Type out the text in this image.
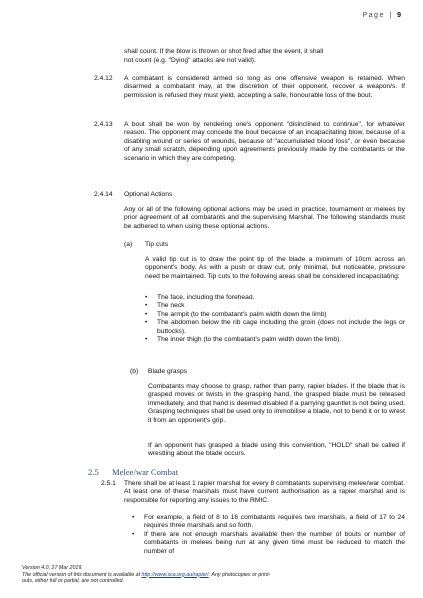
Page | 9
shall count. If the blow is thrown or shot fired after the event, it shall
not count (e.g. "Dying" attacks are not valid).
2.4.12 A combatant is considered armed so long as one offensive weapon is retained. When disarmed a combatant may, at the discretion of their opponent, recover a weapon/s. If permission is refused they must yield, accepting a safe, honourable loss of the bout.
2.4.13 A bout shall be won by rendering one's opponent "disinclined to continue", for whatever reason. The opponent may concede the bout because of an incapacitating blow, because of a disabling wound or series of wounds, because of "accumulated blood loss", or even because of any small scratch, depending upon agreements previously made by the combatants or the scenario in which they are competing.
2.4.14 Optional Actions
Any or all of the following optional actions may be used in practice, tournament or melees by prior agreement of all combatants and the supervising Marshal. The following standards must be adhered to when using these optional actions.
(a) Tip cuts
A valid tip cut is to draw the point tip of the blade a minimum of 10cm across an opponent's body. As with a push or draw cut, only minimal, but noticeable, pressure need be maintained. Tip cuts to the following areas shall be considered incapacitating:
• The face, including the forehead.
• The neck
• The armpit (to the combatant's palm width down the limb)
• The abdomen below the rib cage including the groin (does not include the legs or buttocks).
• The inner thigh (to the combatant's palm width down the limb).
(b) Blade grasps
Combatants may choose to grasp, rather than parry, rapier blades. If the blade that is grasped moves or twists in the grasping hand, the grasped blade must be released immediately, and that hand is deemed disabled if a parrying gauntlet is not being used. Grasping techniques shall be used only to immobilise a blade, not to bend it or to wrest it from an opponent's grip.
If an opponent has grasped a blade using this convention, "HOLD" shall be called if wrestling about the blade occurs.
2.5 Melee/war Combat
2.5.1 There shall be at least 1 rapier marshal for every 8 combatants supervising melee/war combat. At least one of these marshals must have current authorisation as a rapier marshal and is responsible for reporting any issues to the RMIC.
• For example, a field of 8 to 16 combatants requires two marshals, a field of 17 to 24 requires three marshals and so forth.
• If there are not enough marshals available then the number of bouts or number of combatants in melees being run at any given time must be reduced to match the number of
Version 4.0, 27 Mar 2019.
The official version of this document is available at http://www.sca.org.au/rapier/. Any photocopies or print-
outs, either full or partial, are not controlled.
